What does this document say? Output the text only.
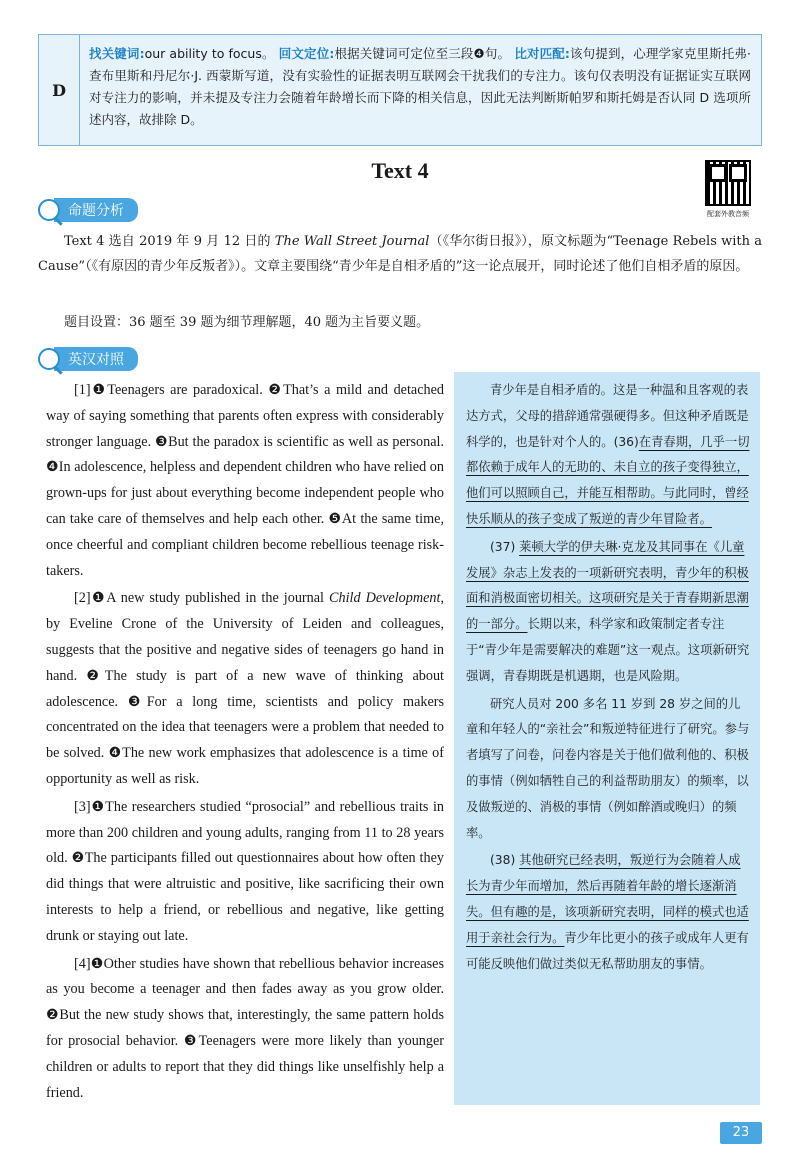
D
找关键词:our ability to focus。 回文定位:根据关键词可定位至三段❹句。 比对匹配:该句提到，心理学家克里斯托弗·查布里斯和丹尼尔·J. 西蒙斯写道，没有实验性的证据表明互联网会干扰我们的专注力。该句仅表明没有证据证实互联网对专注力的影响，并未提及专注力会随着年龄增长而下降的相关信息，因此无法判断斯帕罗和斯托姆是否认同 D 选项所述内容，故排除 D。
Text 4
配套外教音频
命题分析
Text 4 选自 2019 年 9 月 12 日的 The Wall Street Journal（《华尔街日报》），原文标题为“Teenage Rebels with a Cause”（《有原因的青少年反叛者》）。文章主要围绕“青少年是自相矛盾的”这一论点展开，同时论述了他们自相矛盾的原因。
题目设置：36 题至 39 题为细节理解题，40 题为主旨要义题。
英汉对照

[1]❶Teenagers are paradoxical. ❷That’s a mild and detached way of saying something that parents often express with considerably stronger language. ❸But the paradox is scientific as well as personal. ❹In adolescence, helpless and dependent children who have relied on grown-ups for just about everything become independent people who can take care of themselves and help each other. ❺At the same time, once cheerful and compliant children become rebellious teenage risk-takers.

[2]❶A new study published in the journal Child Development, by Eveline Crone of the University of Leiden and colleagues, suggests that the positive and negative sides of teenagers go hand in hand. ❷The study is part of a new wave of thinking about adolescence. ❸For a long time, scientists and policy makers concentrated on the idea that teenagers were a problem that needed to be solved. ❹The new work emphasizes that adolescence is a time of opportunity as well as risk.

[3]❶The researchers studied “prosocial” and rebellious traits in more than 200 children and young adults, ranging from 11 to 28 years old. ❷The participants filled out questionnaires about how often they did things that were altruistic and positive, like sacrificing their own interests to help a friend, or rebellious and negative, like getting drunk or staying out late.

[4]❶Other studies have shown that rebellious behavior increases as you become a teenager and then fades away as you grow older. ❷But the new study shows that, interestingly, the same pattern holds for prosocial behavior. ❸Teenagers were more likely than younger children or adults to report that they did things like unselfishly help a friend.

青少年是自相矛盾的。这是一种温和且客观的表达方式，父母的措辞通常强硬得多。但这种矛盾既是科学的，也是针对个人的。(36)在青春期，几乎一切都依赖于成年人的无助的、未自立的孩子变得独立，他们可以照顾自己，并能互相帮助。与此同时，曾经快乐顺从的孩子变成了叛逆的青少年冒险者。

(37) 莱顿大学的伊夫琳·克龙及其同事在《儿童发展》杂志上发表的一项新研究表明，青少年的积极面和消极面密切相关。这项研究是关于青春期新思潮的一部分。长期以来，科学家和政策制定者专注于“青少年是需要解决的难题”这一观点。这项新研究强调，青春期既是机遇期，也是风险期。

研究人员对 200 多名 11 岁到 28 岁之间的儿童和年轻人的“亲社会”和叛逆特征进行了研究。参与者填写了问卷，问卷内容是关于他们做利他的、积极的事情（例如牺牲自己的利益帮助朋友）的频率，以及做叛逆的、消极的事情（例如醉酒或晚归）的频率。

(38) 其他研究已经表明，叛逆行为会随着人成长为青少年而增加，然后再随着年龄的增长逐渐消失。但有趣的是，该项新研究表明，同样的模式也适用于亲社会行为。青少年比更小的孩子或成年人更有可能反映他们做过类似无私帮助朋友的事情。

23
